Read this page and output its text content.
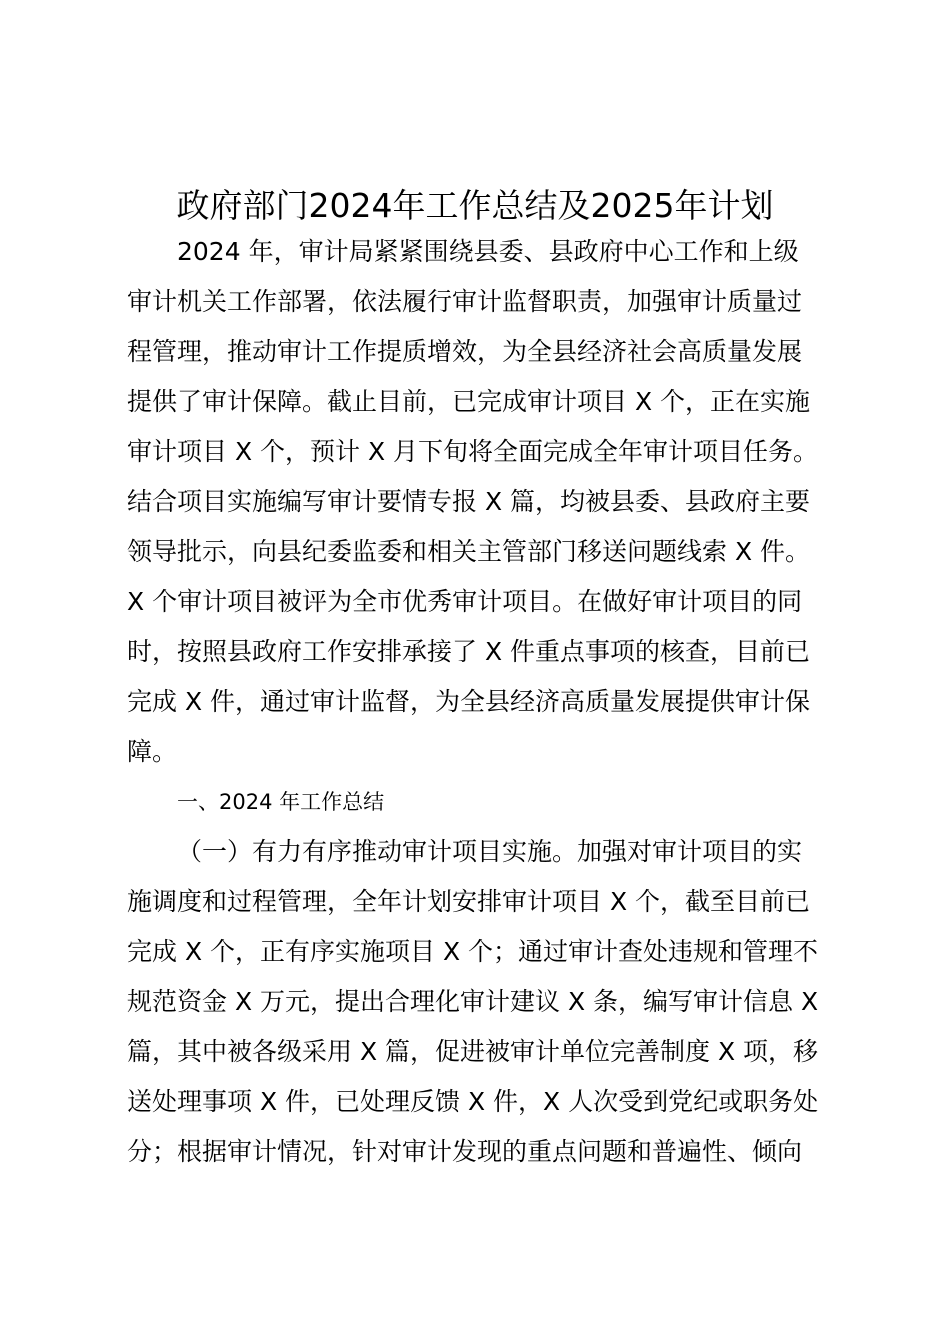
政府部门2024年工作总结及2025年计划
2024 年，审计局紧紧围绕县委、县政府中心工作和上级
审计机关工作部署，依法履行审计监督职责，加强审计质量过
程管理，推动审计工作提质增效，为全县经济社会高质量发展
提供了审计保障。截止目前，已完成审计项目 X 个，正在实施
审计项目 X 个，预计 X 月下旬将全面完成全年审计项目任务。
结合项目实施编写审计要情专报 X 篇，均被县委、县政府主要
领导批示，向县纪委监委和相关主管部门移送问题线索 X 件。
X 个审计项目被评为全市优秀审计项目。在做好审计项目的同
时，按照县政府工作安排承接了 X 件重点事项的核查，目前已
完成 X 件，通过审计监督，为全县经济高质量发展提供审计保
障。
一、2024 年工作总结
（一）有力有序推动审计项目实施。加强对审计项目的实
施调度和过程管理，全年计划安排审计项目 X 个，截至目前已
完成 X 个，正有序实施项目 X 个；通过审计查处违规和管理不
规范资金 X 万元，提出合理化审计建议 X 条，编写审计信息 X
篇，其中被各级采用 X 篇，促进被审计单位完善制度 X 项，移
送处理事项 X 件，已处理反馈 X 件，X 人次受到党纪或职务处
分；根据审计情况，针对审计发现的重点问题和普遍性、倾向
